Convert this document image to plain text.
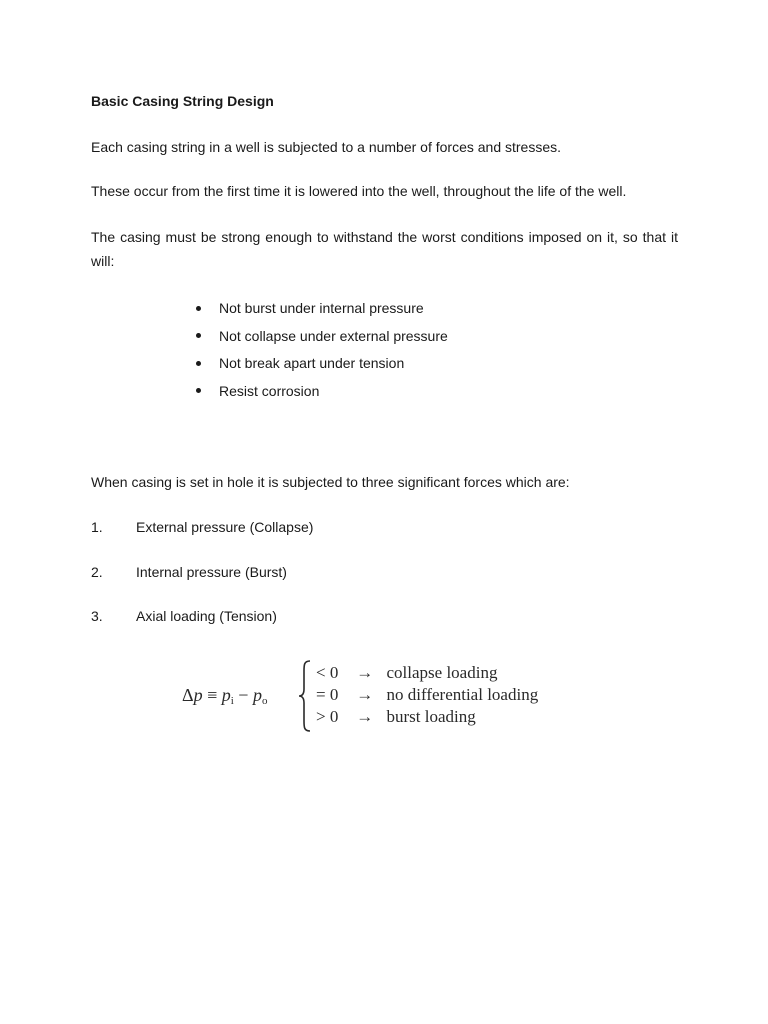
Basic Casing String Design
Each casing string in a well is subjected to a number of forces and stresses.
These occur from the first time it is lowered into the well, throughout the life of the well.
The casing must be strong enough to withstand the worst conditions imposed on it, so that it will:
Not burst under internal pressure
Not collapse under external pressure
Not break apart under tension
Resist corrosion
When casing is set in hole it is subjected to three significant forces which are:
1. External pressure (Collapse)
2. Internal pressure (Burst)
3. Axial loading (Tension)
$\Delta p \equiv p_i - p_o$
< 0 → collapse loading
= 0 → no differential loading
> 0 → burst loading
